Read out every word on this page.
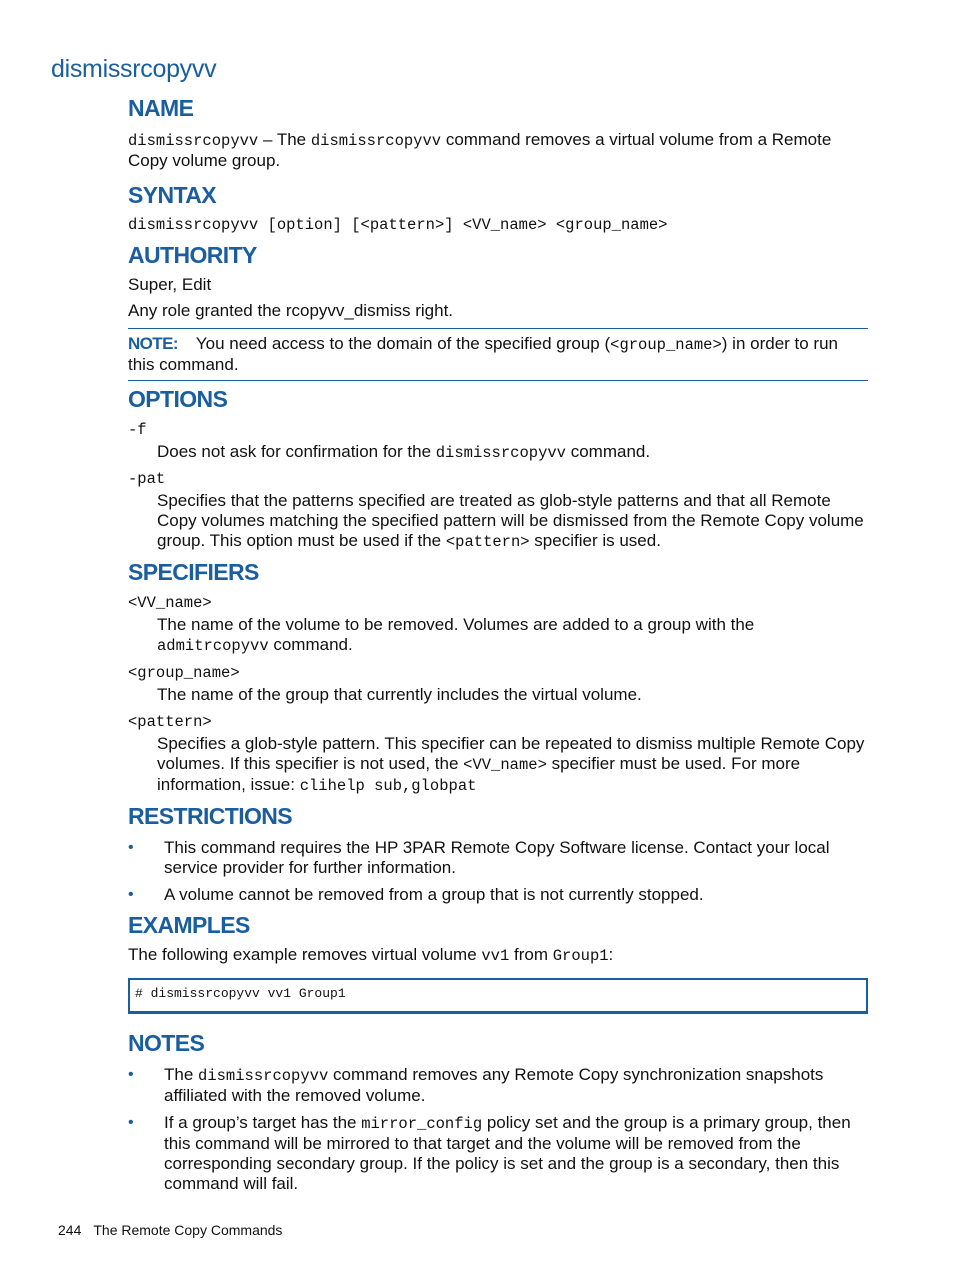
dismissrcopyvv
NAME

dismissrcopyvv – The dismissrcopyvv command removes a virtual volume from a Remote Copy volume group.

SYNTAX

dismissrcopyvv [option] [<pattern>] <VV_name> <group_name>

AUTHORITY

Super, Edit

Any role granted the rcopyvv_dismiss right.

NOTE: You need access to the domain of the specified group (<group_name>) in order to run this command.
OPTIONS

-f

Does not ask for confirmation for the dismissrcopyvv command.

-pat

Specifies that the patterns specified are treated as glob-style patterns and that all Remote Copy volumes matching the specified pattern will be dismissed from the Remote Copy volume group. This option must be used if the <pattern> specifier is used.

SPECIFIERS

<VV_name>

The name of the volume to be removed. Volumes are added to a group with the admitrcopyvv command.

<group_name>

The name of the group that currently includes the virtual volume.

<pattern>

Specifies a glob-style pattern. This specifier can be repeated to dismiss multiple Remote Copy volumes. If this specifier is not used, the <VV_name> specifier must be used. For more information, issue: clihelp sub,globpat

RESTRICTIONS
• This command requires the HP 3PAR Remote Copy Software license. Contact your local service provider for further information.
• A volume cannot be removed from a group that is not currently stopped.
EXAMPLES

The following example removes virtual volume vv1 from Group1:

# dismissrcopyvv vv1 Group1
NOTES
• The dismissrcopyvv command removes any Remote Copy synchronization snapshots affiliated with the removed volume.
• If a group’s target has the mirror_config policy set and the group is a primary group, then this command will be mirrored to that target and the volume will be removed from the corresponding secondary group. If the policy is set and the group is a secondary, then this command will fail.
244 The Remote Copy Commands
